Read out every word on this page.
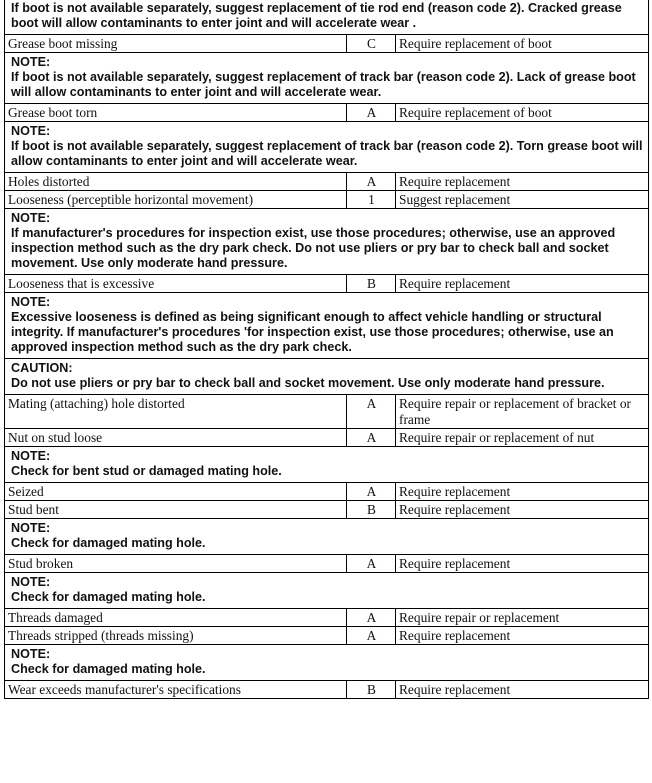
If boot is not available separately, suggest replacement of tie rod end (reason code 2). Cracked grease boot will allow contaminants to enter joint and will accelerate wear .
Grease boot missing	C	Require replacement of boot
NOTE:
If boot is not available separately, suggest replacement of track bar (reason code 2). Lack of grease boot will allow contaminants to enter joint and will accelerate wear.
Grease boot torn	A	Require replacement of boot
NOTE:
If boot is not available separately, suggest replacement of track bar (reason code 2). Torn grease boot will allow contaminants to enter joint and will accelerate wear.
Holes distorted	A	Require replacement
Looseness (perceptible horizontal movement)	1	Suggest replacement
NOTE:
If manufacturer's procedures for inspection exist, use those procedures; otherwise, use an approved inspection method such as the dry park check. Do not use pliers or pry bar to check ball and socket movement. Use only moderate hand pressure.
Looseness that is excessive	B	Require replacement
NOTE:
Excessive looseness is defined as being significant enough to affect vehicle handling or structural integrity. If manufacturer's procedures 'for inspection exist, use those procedures; otherwise, use an approved inspection method such as the dry park check.
CAUTION:
Do not use pliers or pry bar to check ball and socket movement. Use only moderate hand pressure.
Mating (attaching) hole distorted	A	Require repair or replacement of bracket or frame
Nut on stud loose	A	Require repair or replacement of nut
NOTE:
Check for bent stud or damaged mating hole.
Seized	A	Require replacement
Stud bent	B	Require replacement
NOTE:
Check for damaged mating hole.
Stud broken	A	Require replacement
NOTE:
Check for damaged mating hole.
Threads damaged	A	Require repair or replacement
Threads stripped (threads missing)	A	Require replacement
NOTE:
Check for damaged mating hole.
Wear exceeds manufacturer's specifications	B	Require replacement
